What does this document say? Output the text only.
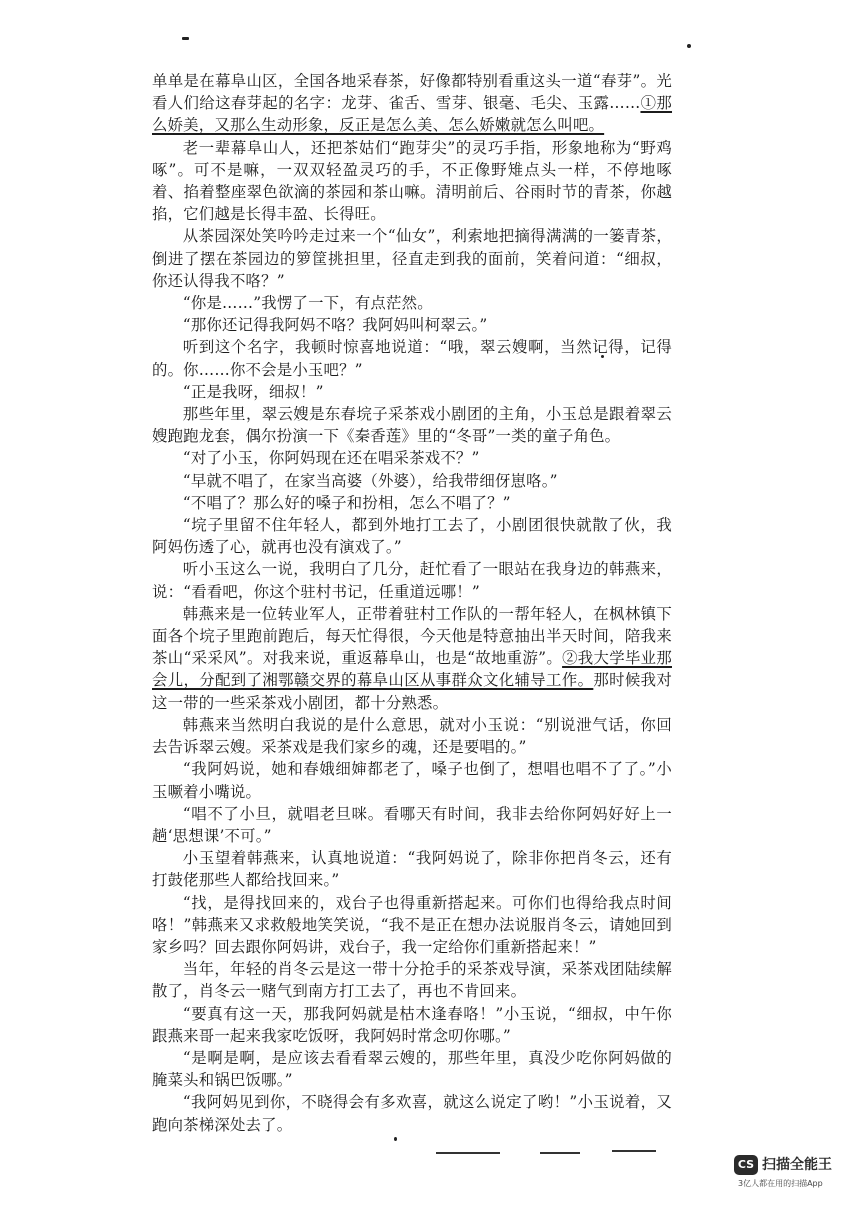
单单是在幕阜山区，全国各地采春茶，好像都特别看重这头一道“春芽”。光看人们给这春芽起的名字：龙芽、雀舌、雪芽、银毫、毛尖、玉露……①那么娇美，又那么生动形象，反正是怎么美、怎么娇嫩就怎么叫吧。

老一辈幕阜山人，还把茶姑们“跑芽尖”的灵巧手指，形象地称为“野鸡啄”。可不是嘛，一双双轻盈灵巧的手，不正像野雉点头一样，不停地啄着、掐着整座翠色欲滴的茶园和茶山嘛。清明前后、谷雨时节的青茶，你越掐，它们越是长得丰盈、长得旺。

从茶园深处笑吟吟走过来一个“仙女”，利索地把摘得满满的一篓青茶，倒进了摆在茶园边的箩筐挑担里，径直走到我的面前，笑着问道：“细叔，你还认得我不咯？”

“你是……”我愣了一下，有点茫然。

“那你还记得我阿妈不咯？我阿妈叫柯翠云。”

听到这个名字，我顿时惊喜地说道：“哦，翠云嫂啊，当然记得，记得的。你……你不会是小玉吧？”

“正是我呀，细叔！”

那些年里，翠云嫂是东春垸子采茶戏小剧团的主角，小玉总是跟着翠云嫂跑跑龙套，偶尔扮演一下《秦香莲》里的“冬哥”一类的童子角色。

“对了小玉，你阿妈现在还在唱采茶戏不？”

“早就不唱了，在家当高婆（外婆），给我带细伢崽咯。”

“不唱了？那么好的嗓子和扮相，怎么不唱了？”

“垸子里留不住年轻人，都到外地打工去了，小剧团很快就散了伙，我阿妈伤透了心，就再也没有演戏了。”

听小玉这么一说，我明白了几分，赶忙看了一眼站在我身边的韩燕来，说：“看看吧，你这个驻村书记，任重道远哪！”

韩燕来是一位转业军人，正带着驻村工作队的一帮年轻人，在枫林镇下面各个垸子里跑前跑后，每天忙得很，今天他是特意抽出半天时间，陪我来茶山“采采风”。对我来说，重返幕阜山，也是“故地重游”。②我大学毕业那会儿，分配到了湘鄂赣交界的幕阜山区从事群众文化辅导工作。那时候我对这一带的一些采茶戏小剧团，都十分熟悉。

韩燕来当然明白我说的是什么意思，就对小玉说：“别说泄气话，你回去告诉翠云嫂。采茶戏是我们家乡的魂，还是要唱的。”

“我阿妈说，她和春娥细婶都老了，嗓子也倒了，想唱也唱不了了。”小玉噘着小嘴说。

“唱不了小旦，就唱老旦咪。看哪天有时间，我非去给你阿妈好好上一趟‘思想课’不可。”

小玉望着韩燕来，认真地说道：“我阿妈说了，除非你把肖冬云，还有打鼓佬那些人都给找回来。”

“找，是得找回来的，戏台子也得重新搭起来。可你们也得给我点时间咯！”韩燕来又求救般地笑笑说，“我不是正在想办法说服肖冬云，请她回到家乡吗？回去跟你阿妈讲，戏台子，我一定给你们重新搭起来！”

当年，年轻的肖冬云是这一带十分抢手的采茶戏导演，采茶戏团陆续解散了，肖冬云一赌气到南方打工去了，再也不肯回来。

“要真有这一天，那我阿妈就是枯木逢春咯！”小玉说，“细叔，中午你跟燕来哥一起来我家吃饭呀，我阿妈时常念叨你哪。”

“是啊是啊，是应该去看看翠云嫂的，那些年里，真没少吃你阿妈做的腌菜头和锅巴饭哪。”

“我阿妈见到你，不晓得会有多欢喜，就这么说定了哟！”小玉说着，又跑向茶梯深处去了。

CS 扫描全能王
3亿人都在用的扫描App
